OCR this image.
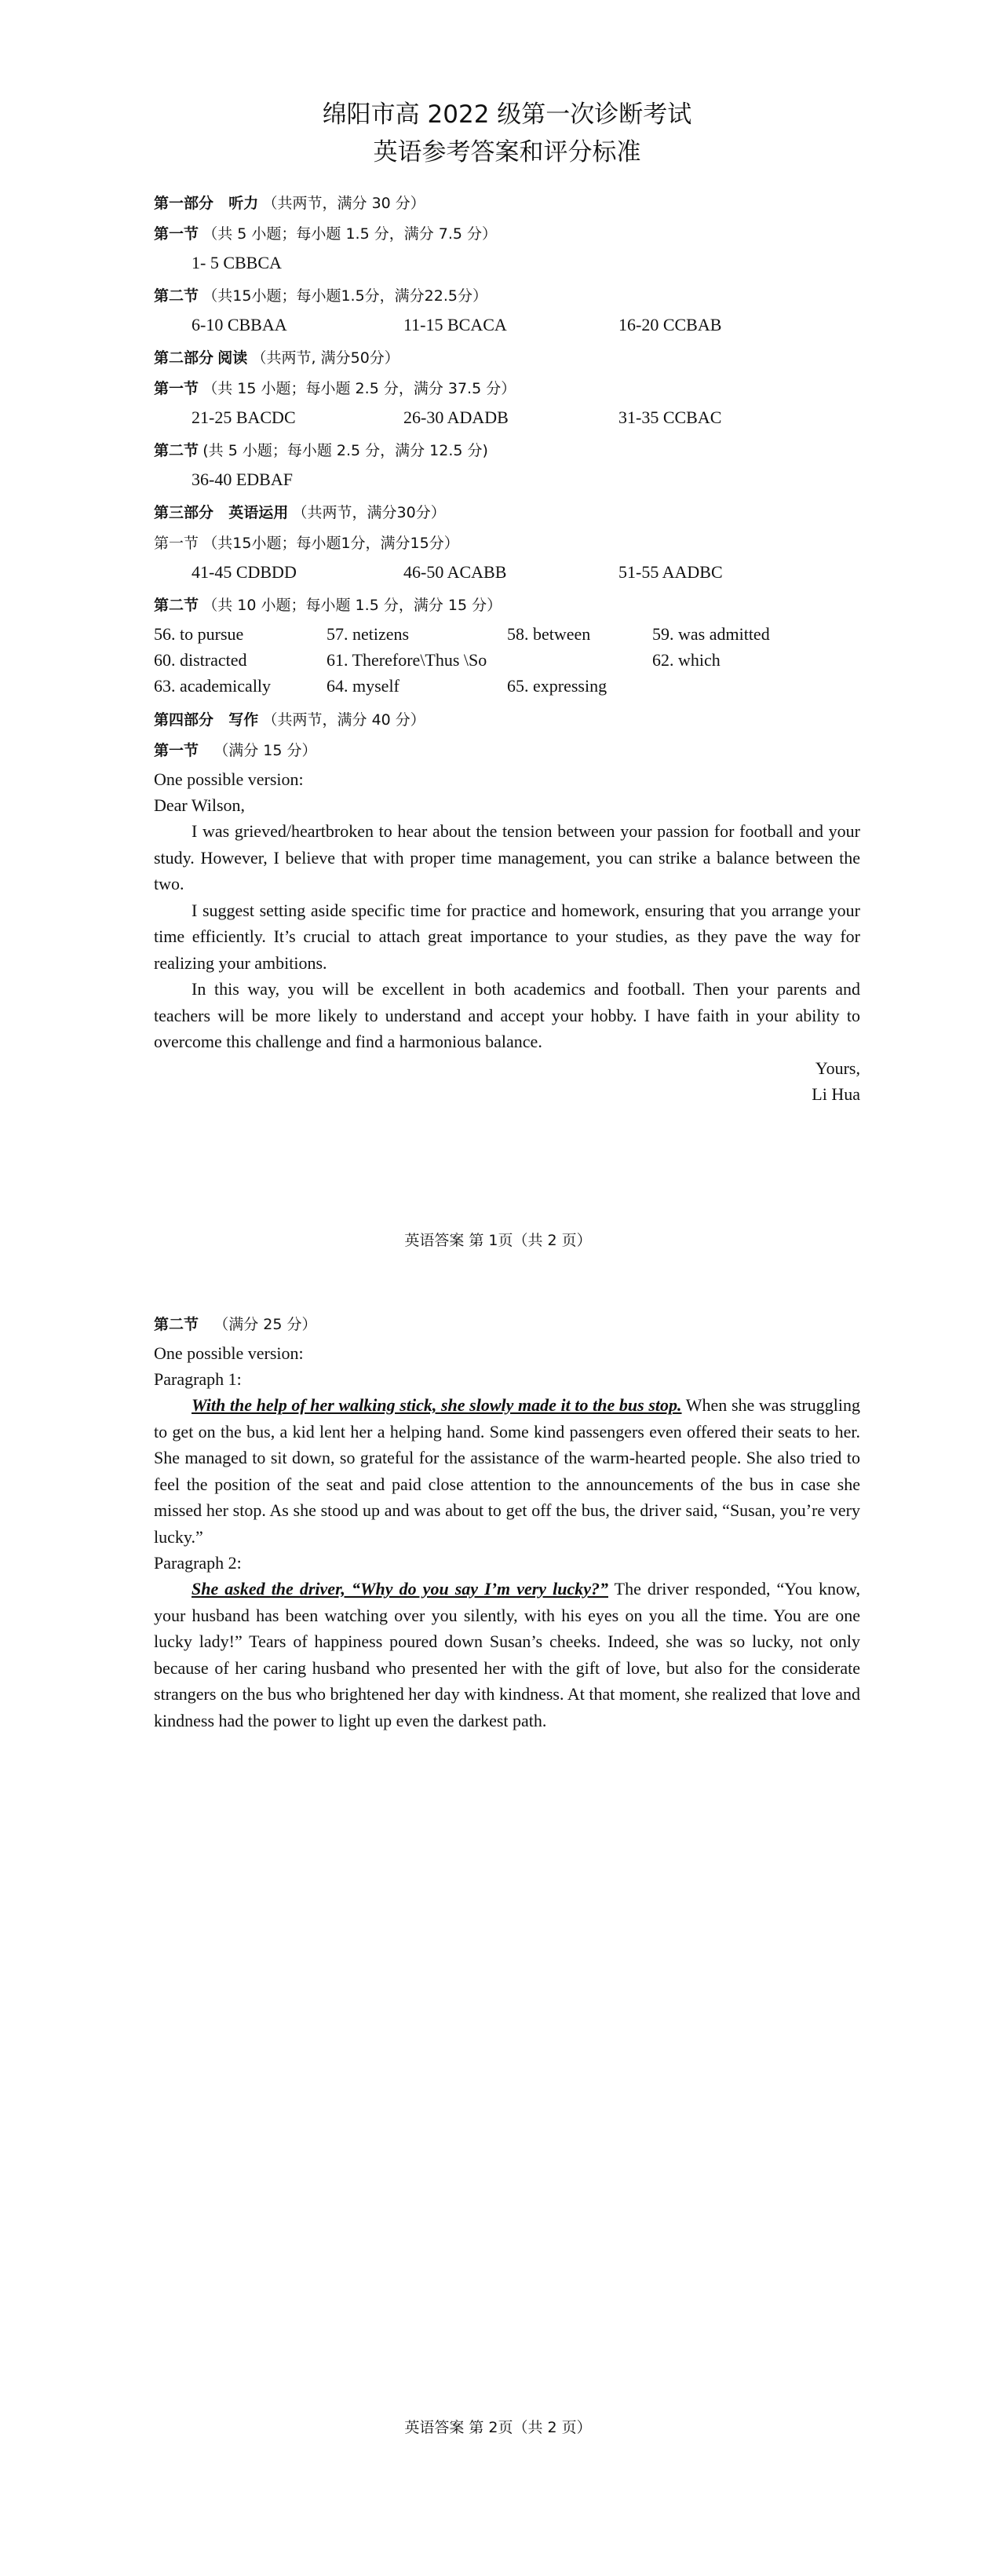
绵阳市高 2022 级第一次诊断考试

英语参考答案和评分标准

第一部分 听力 （共两节，满分 30 分）
第一节 （共 5 小题；每小题 1.5 分，满分 7.5 分）
1- 5 CBBCA
第二节 （共15小题；每小题1.5分，满分22.5分）
6-10 CBBAA	11-15 BCACA	16-20 CCBAB
第二部分 阅读 （共两节, 满分50分）
第一节 （共 15 小题；每小题 2.5 分，满分 37.5 分）
21-25 BACDC	26-30 ADADB	31-35 CCBAC
第二节 (共 5 小题；每小题 2.5 分，满分 12.5 分)
36-40 EDBAF
第三部分 英语运用 （共两节，满分30分）
第一节 （共15小题；每小题1分，满分15分）
41-45 CDBDD	46-50 ACABB	51-55 AADBC
第二节 （共 10 小题；每小题 1.5 分，满分 15 分）
56. to pursue	57. netizens	58. between	59. was admitted
60. distracted	61. Therefore\Thus \So	62. which
63. academically	64. myself	65. expressing
第四部分 写作 （共两节，满分 40 分）
第一节 （满分 15 分）

One possible version:

Dear Wilson,

I was grieved/heartbroken to hear about the tension between your passion for football and your study. However, I believe that with proper time management, you can strike a balance between the two.

I suggest setting aside specific time for practice and homework, ensuring that you arrange your time efficiently. It’s crucial to attach great importance to your studies, as they pave the way for realizing your ambitions.

In this way, you will be excellent in both academics and football. Then your parents and teachers will be more likely to understand and accept your hobby. I have faith in your ability to overcome this challenge and find a harmonious balance.

Yours,

Li Hua

英语答案 第 1页（共 2 页）
第二节 （满分 25 分）

One possible version:

Paragraph 1:

With the help of her walking stick, she slowly made it to the bus stop. When she was struggling to get on the bus, a kid lent her a helping hand. Some kind passengers even offered their seats to her. She managed to sit down, so grateful for the assistance of the warm-hearted people. She also tried to feel the position of the seat and paid close attention to the announcements of the bus in case she missed her stop. As she stood up and was about to get off the bus, the driver said, “Susan, you’re very lucky.”

Paragraph 2:

She asked the driver, “Why do you say I’m very lucky?” The driver responded, “You know, your husband has been watching over you silently, with his eyes on you all the time. You are one lucky lady!” Tears of happiness poured down Susan’s cheeks. Indeed, she was so lucky, not only because of her caring husband who presented her with the gift of love, but also for the considerate strangers on the bus who brightened her day with kindness. At that moment, she realized that love and kindness had the power to light up even the darkest path.

英语答案 第 2页（共 2 页）
